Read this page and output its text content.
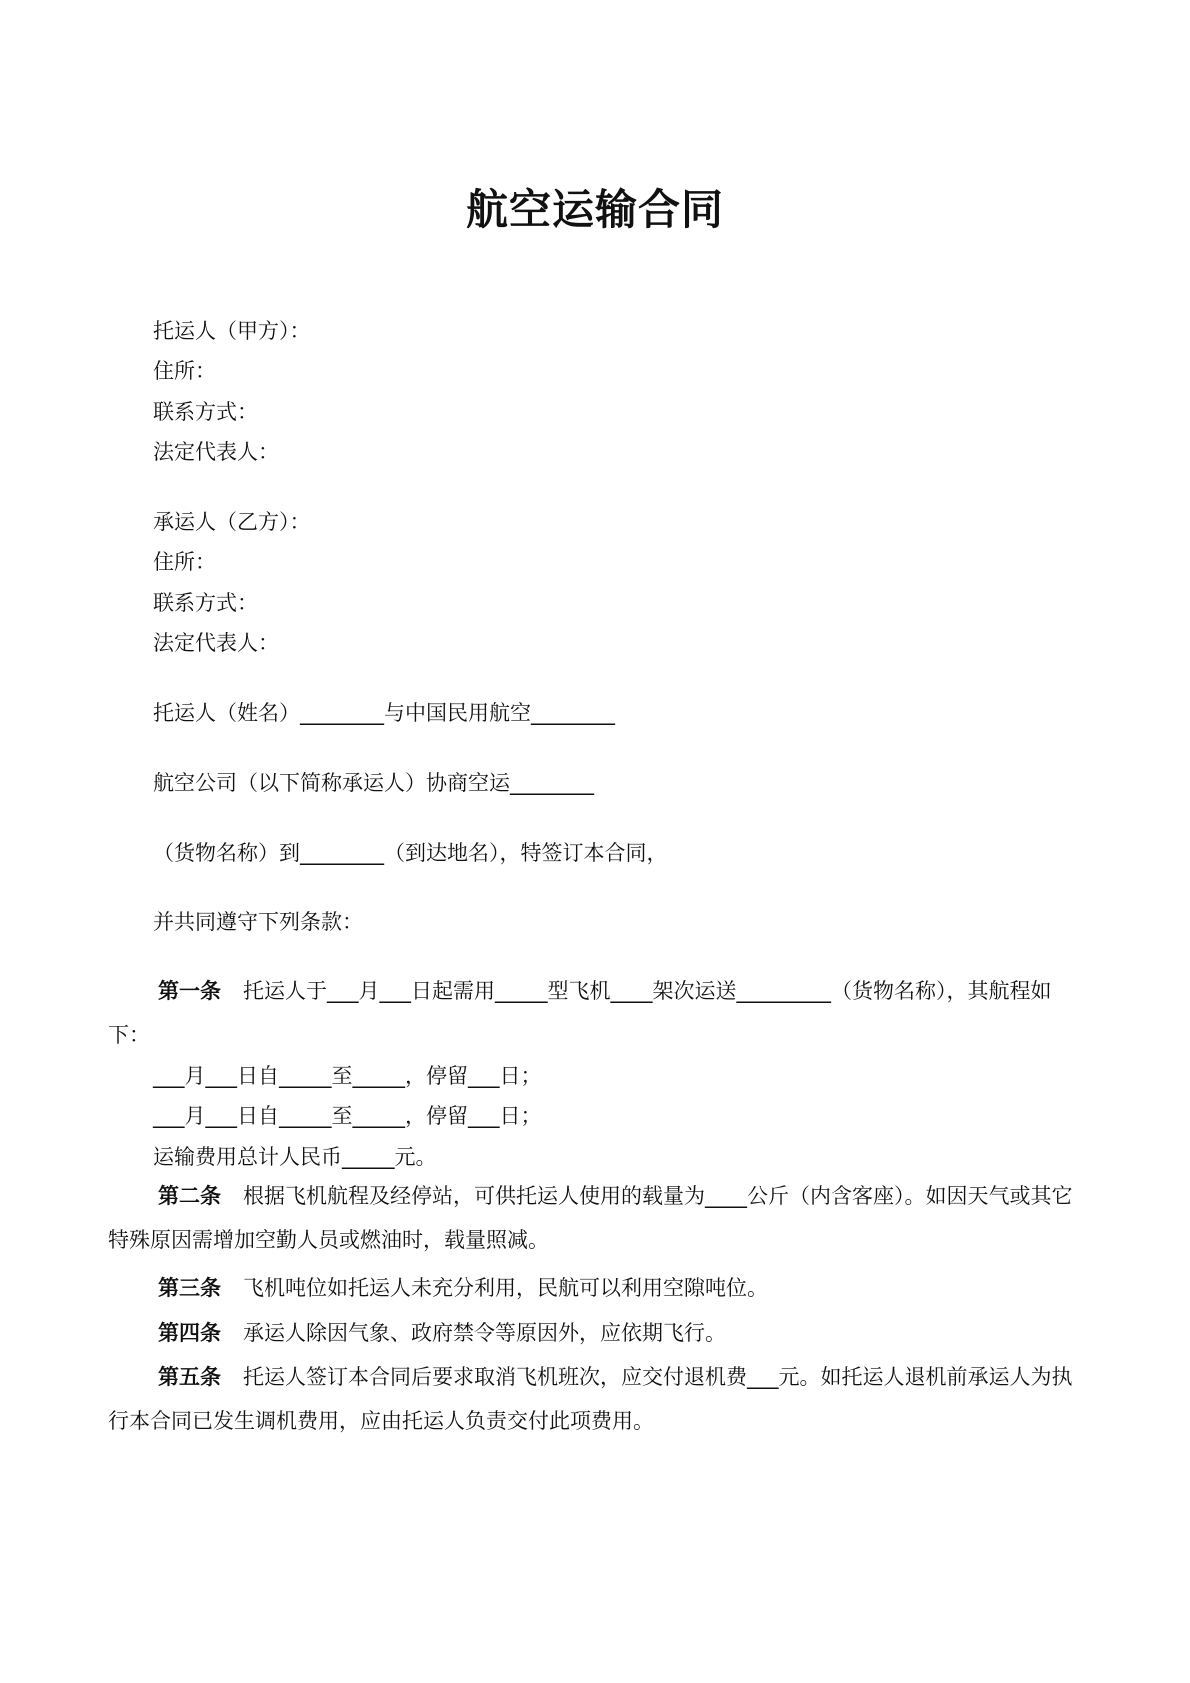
航空运输合同
托运人（甲方）：
住所：
联系方式：
法定代表人：
承运人（乙方）：
住所：
联系方式：
法定代表人：
托运人（姓名）________与中国民用航空________
航空公司（以下简称承运人）协商空运________
（货物名称）到________（到达地名），特签订本合同，
并共同遵守下列条款：
第一条 托运人于___月___日起需用_____型飞机____架次运送_________（货物名称），其航程如下：
___月___日自_____至_____，停留___日；
___月___日自_____至_____，停留___日；
运输费用总计人民币_____元。
第二条 根据飞机航程及经停站，可供托运人使用的载量为____公斤（内含客座）。如因天气或其它特殊原因需增加空勤人员或燃油时，载量照减。
第三条 飞机吨位如托运人未充分利用，民航可以利用空隙吨位。
第四条 承运人除因气象、政府禁令等原因外，应依期飞行。
第五条 托运人签订本合同后要求取消飞机班次，应交付退机费___元。如托运人退机前承运人为执行本合同已发生调机费用，应由托运人负责交付此项费用。
